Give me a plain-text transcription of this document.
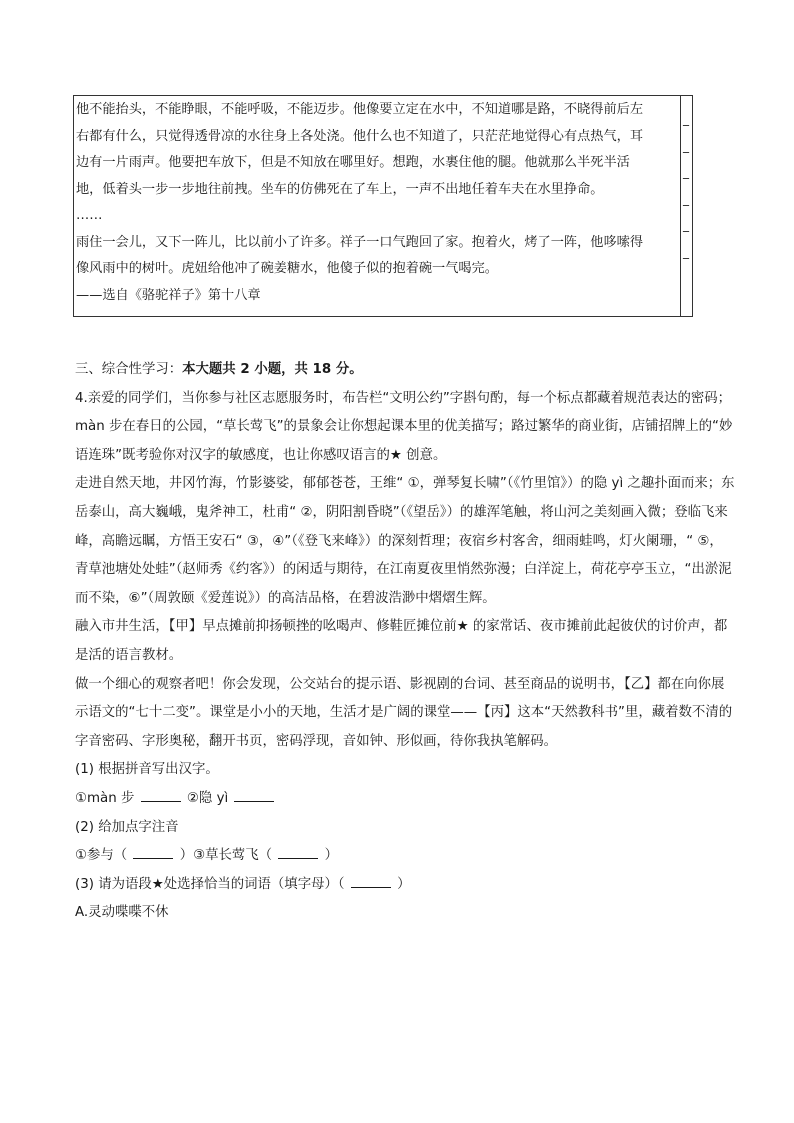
他不能抬头，不能睁眼，不能呼吸，不能迈步。他像要立定在水中，不知道哪是路，不晓得前后左

右都有什么，只觉得透骨凉的水往身上各处浇。他什么也不知道了，只茫茫地觉得心有点热气，耳

边有一片雨声。他要把车放下，但是不知放在哪里好。想跑，水裹住他的腿。他就那么半死半活

地，低着头一步一步地往前拽。坐车的仿佛死在了车上，一声不出地任着车夫在水里挣命。

……

雨住一会儿，又下一阵儿，比以前小了许多。祥子一口气跑回了家。抱着火，烤了一阵，他哆嗦得

像风雨中的树叶。虎妞给他冲了碗姜糖水，他傻子似的抱着碗一气喝完。

——选自《骆驼祥子》第十八章

_
_
_
_
_
_

三、综合性学习：本大题共 2 小题，共 18 分。

4.亲爱的同学们，当你参与社区志愿服务时，布告栏“文明公约”字斟句酌，每一个标点都藏着规范表达的密码；màn 步在春日的公园，“草长莺飞”的景象会让你想起课本里的优美描写；路过繁华的商业街，店铺招牌上的“妙语连珠”既考验你对汉字的敏感度，也让你感叹语言的★ 创意。

走进自然天地，井冈竹海，竹影婆娑，郁郁苍苍，王维“ ①，弹琴复长啸”（《竹里馆》）的隐 yì 之趣扑面而来；东岳泰山，高大巍峨，鬼斧神工，杜甫“ ②，阴阳割昏晓”（《望岳》）的雄浑笔触，将山河之美刻画入微；登临飞来峰，高瞻远瞩，方悟王安石“ ③，④”（《登飞来峰》）的深刻哲理；夜宿乡村客舍，细雨蛙鸣，灯火阑珊，“ ⑤，青草池塘处处蛙”（赵师秀《约客》）的闲适与期待，在江南夏夜里悄然弥漫；白洋淀上，荷花亭亭玉立，“出淤泥而不染，⑥”（周敦颐《爱莲说》）的高洁品格，在碧波浩渺中熠熠生辉。

融入市井生活，【甲】早点摊前抑扬顿挫的吆喝声、修鞋匠摊位前★ 的家常话、夜市摊前此起彼伏的讨价声，都是活的语言教材。

做一个细心的观察者吧！你会发现，公交站台的提示语、影视剧的台词、甚至商品的说明书，【乙】都在向你展示语文的“七十二变”。课堂是小小的天地，生活才是广阔的课堂——【丙】这本“天然教科书”里，藏着数不清的字音密码、字形奥秘，翻开书页，密码浮现，音如钟、形似画，待你我执笔解码。

(1) 根据拼音写出汉字。

①màn 步	②隐 yì

(2) 给加点字注音

①参与（	）③草长莺飞（	）

(3) 请为语段★处选择恰当的词语（填字母）（	）

A.灵动喋喋不休
